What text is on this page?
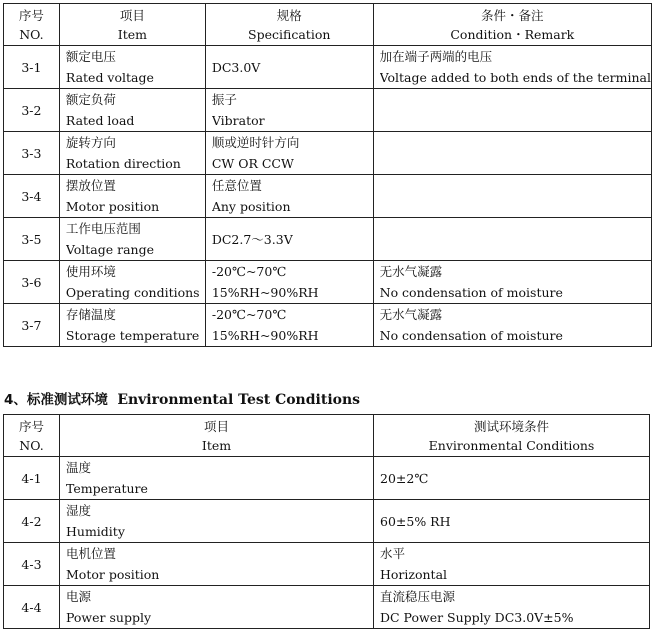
序号
NO.	项目
Item	规格
Specification	条件・备注
Condition・Remark

3-1	额定电压
Rated voltage	DC3.0V	加在端子两端的电压
Voltage added to both ends of the terminal

3-2	额定负荷
Rated load	振子
Vibrator	

3-3	旋转方向
Rotation direction	顺或逆时针方向
CW OR CCW	

3-4	摆放位置
Motor position	任意位置
Any position	

3-5	工作电压范围
Voltage range	DC2.7～3.3V	

3-6	使用环境
Operating conditions	-20℃~70℃
15%RH~90%RH	无水气凝露
No condensation of moisture

3-7	存储温度
Storage temperature	-20℃~70℃
15%RH~90%RH	无水气凝露
No condensation of moisture
4、标准测试环境 Environmental Test Conditions
序号
NO.	项目
Item	测试环境条件
Environmental Conditions

4-1	温度
Temperature	20±2℃

4-2	湿度
Humidity	60±5% RH

4-3	电机位置
Motor position	水平
Horizontal

4-4	电源
Power supply	直流稳压电源
DC Power Supply DC3.0V±5%
